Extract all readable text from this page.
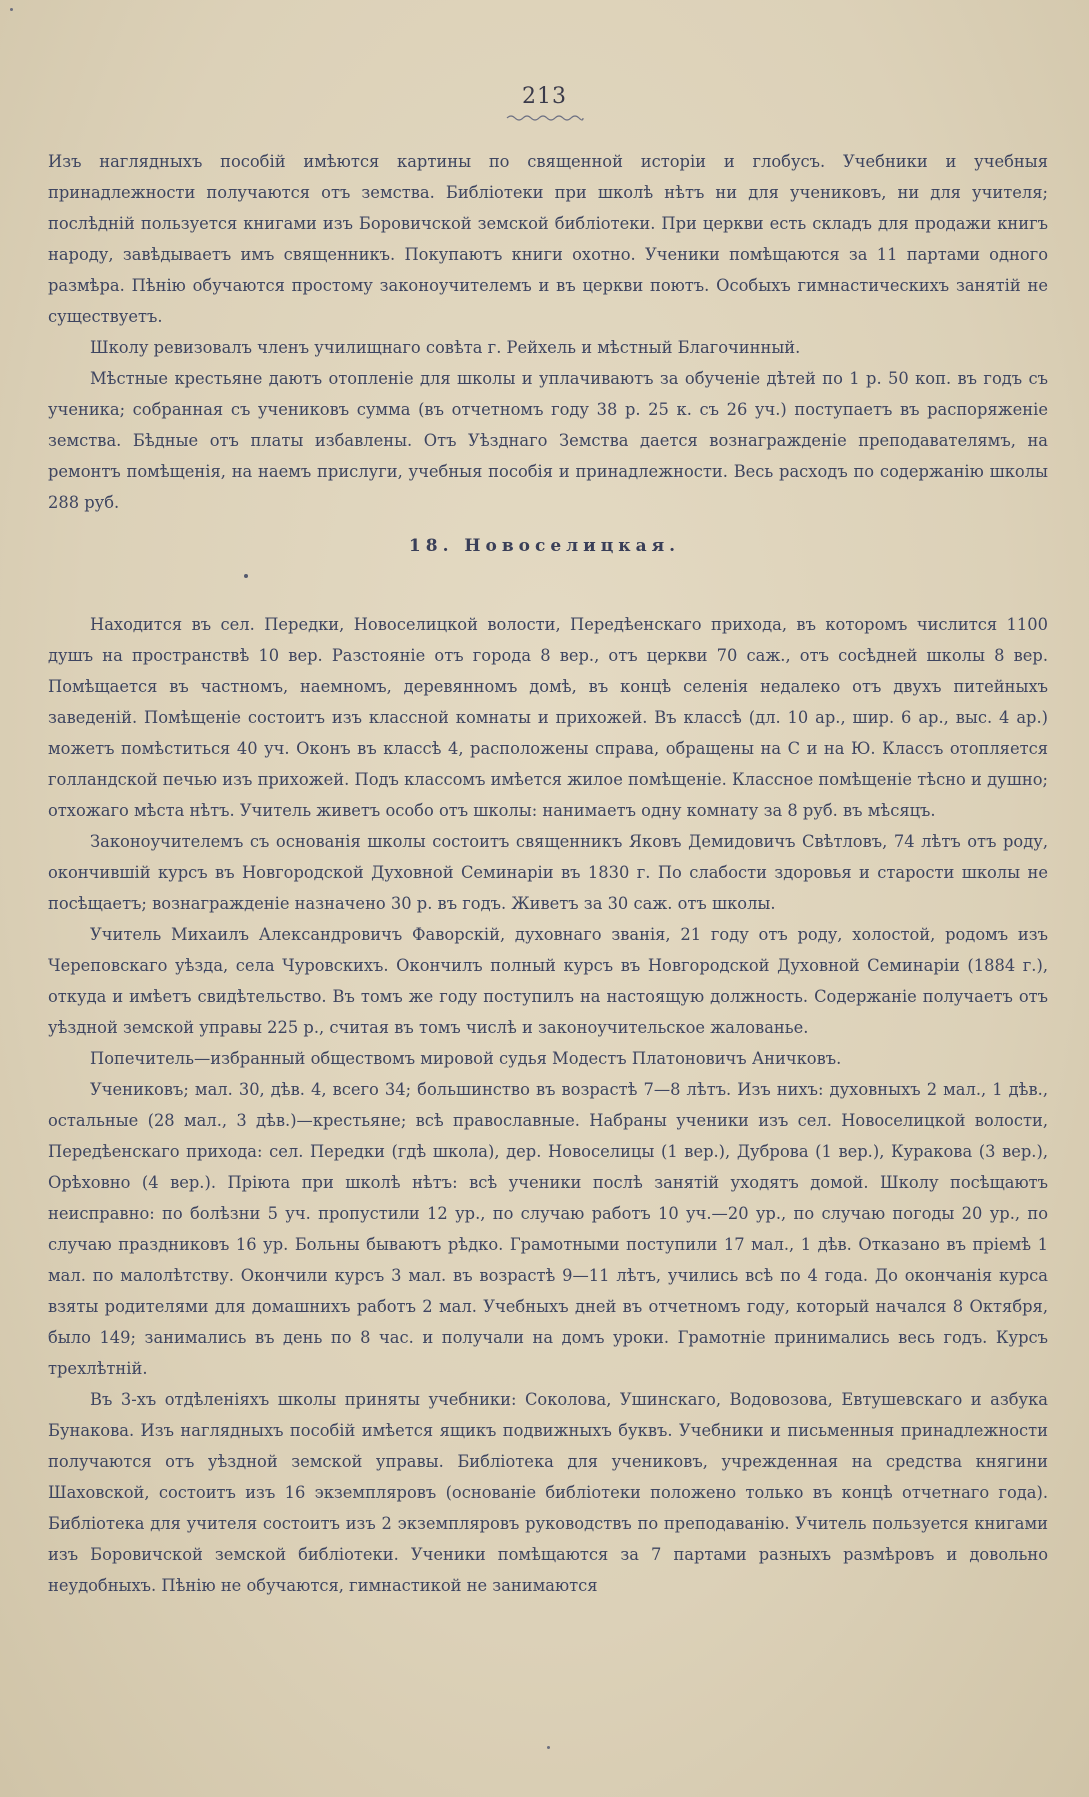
213

Изъ наглядныхъ пособій имѣются картины по священной исторіи и глобусъ. Учебники и учебныя принадлежности получаются отъ земства. Библіотеки при школѣ нѣтъ ни для учениковъ, ни для учителя; послѣдній пользуется книгами изъ Боровичской земской библіотеки. При церкви есть складъ для продажи книгъ народу, завѣдываетъ имъ священникъ. Покупаютъ книги охотно. Ученики помѣщаются за 11 партами одного размѣра. Пѣнію обучаются простому законоучителемъ и въ церкви поютъ. Особыхъ гимнастическихъ занятій не существуетъ.

Школу ревизовалъ членъ училищнаго совѣта г. Рейхель и мѣстный Благочинный.

Мѣстные крестьяне даютъ отопленіе для школы и уплачиваютъ за обученіе дѣтей по 1 р. 50 коп. въ годъ съ ученика; собранная съ учениковъ сумма (въ отчетномъ году 38 р. 25 к. съ 26 уч.) поступаетъ въ распоряженіе земства. Бѣдные отъ платы избавлены. Отъ Уѣзднаго Земства дается вознагражденіе преподавателямъ, на ремонтъ помѣщенія, на наемъ прислуги, учебныя пособія и принадлежности. Весь расходъ по содержанію школы 288 руб.

18. Новоселицкая.

Находится въ сел. Передки, Новоселицкой волости, Передѣенскаго прихода, въ которомъ числится 1100 душъ на пространствѣ 10 вер. Разстояніе отъ города 8 вер., отъ церкви 70 саж., отъ сосѣдней школы 8 вер. Помѣщается въ частномъ, наемномъ, деревянномъ домѣ, въ концѣ селенія недалеко отъ двухъ питейныхъ заведеній. Помѣщеніе состоитъ изъ классной комнаты и прихожей. Въ классѣ (дл. 10 ар., шир. 6 ар., выс. 4 ар.) можетъ помѣститься 40 уч. Оконъ въ классѣ 4, расположены справа, обращены на С и на Ю. Классъ отопляется голландской печью изъ прихожей. Подъ классомъ имѣется жилое помѣщеніе. Классное помѣщеніе тѣсно и душно; отхожаго мѣста нѣтъ. Учитель живетъ особо отъ школы: нанимаетъ одну комнату за 8 руб. въ мѣсяцъ.

Законоучителемъ съ основанія школы состоитъ священникъ Яковъ Демидовичъ Свѣтловъ, 74 лѣтъ отъ роду, окончившій курсъ въ Новгородской Духовной Семинаріи въ 1830 г. По слабости здоровья и старости школы не посѣщаетъ; вознагражденіе назначено 30 р. въ годъ. Живетъ за 30 саж. отъ школы.

Учитель Михаилъ Александровичъ Фаворскій, духовнаго званія, 21 году отъ роду, холостой, родомъ изъ Череповскаго уѣзда, села Чуровскихъ. Окончилъ полный курсъ въ Новгородской Духовной Семинаріи (1884 г.), откуда и имѣетъ свидѣтельство. Въ томъ же году поступилъ на настоящую должность. Содержаніе получаетъ отъ уѣздной земской управы 225 р., считая въ томъ числѣ и законоучительское жалованье.

Попечитель—избранный обществомъ мировой судья Модестъ Платоновичъ Аничковъ.

Учениковъ; мал. 30, дѣв. 4, всего 34; большинство въ возрастѣ 7—8 лѣтъ. Изъ нихъ: духовныхъ 2 мал., 1 дѣв., остальные (28 мал., 3 дѣв.)—крестьяне; всѣ православные. Набраны ученики изъ сел. Новоселицкой волости, Передѣенскаго прихода: сел. Передки (гдѣ школа), дер. Новоселицы (1 вер.), Дуброва (1 вер.), Куракова (3 вер.), Орѣховно (4 вер.). Пріюта при школѣ нѣтъ: всѣ ученики послѣ занятій уходятъ домой. Школу посѣщаютъ неисправно: по болѣзни 5 уч. пропустили 12 ур., по случаю работъ 10 уч.—20 ур., по случаю погоды 20 ур., по случаю праздниковъ 16 ур. Больны бываютъ рѣдко. Грамотными поступили 17 мал., 1 дѣв. Отказано въ пріемѣ 1 мал. по малолѣтству. Окончили курсъ 3 мал. въ возрастѣ 9—11 лѣтъ, учились всѣ по 4 года. До окончанія курса взяты родителями для домашнихъ работъ 2 мал. Учебныхъ дней въ отчетномъ году, который начался 8 Октября, было 149; занимались въ день по 8 час. и получали на домъ уроки. Грамотніе принимались весь годъ. Курсъ трехлѣтній.

Въ 3-хъ отдѣленіяхъ школы приняты учебники: Соколова, Ушинскаго, Водовозова, Евтушевскаго и азбука Бунакова. Изъ наглядныхъ пособій имѣется ящикъ подвижныхъ буквъ. Учебники и письменныя принадлежности получаются отъ уѣздной земской управы. Библіотека для учениковъ, учрежденная на средства княгини Шаховской, состоитъ изъ 16 экземпляровъ (основаніе библіотеки положено только въ концѣ отчетнаго года). Библіотека для учителя состоитъ изъ 2 экземпляровъ руководствъ по преподаванію. Учитель пользуется книгами изъ Боровичской земской библіотеки. Ученики помѣщаются за 7 партами разныхъ размѣровъ и довольно неудобныхъ. Пѣнію не обучаются, гимнастикой не занимаются
